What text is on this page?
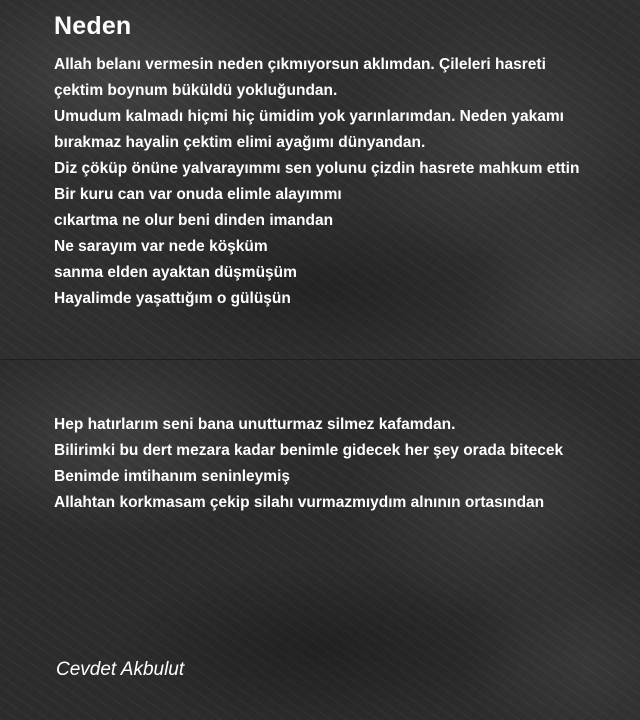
Neden
Allah belanı vermesin neden çıkmıyorsun aklımdan. Çileleri hasreti
çektim boynum büküldü yokluğundan.
Umudum kalmadı hiçmi hiç ümidim yok yarınlarımdan. Neden yakamı
bırakmaz hayalin çektim elimi ayağımı dünyandan.
Diz çöküp önüne yalvarayımmı sen yolunu çizdin hasrete mahkum ettin
Bir kuru can var onuda elimle alayımmı
cıkartma ne olur beni dinden imandan
Ne sarayım var nede köşküm
sanma elden ayaktan düşmüşüm
Hayalimde yaşattığım o gülüşün
Hep hatırlarım seni bana unutturmaz silmez kafamdan.
Bilirimki bu dert mezara kadar benimle gidecek her şey orada bitecek
Benimde imtihanım seninleymiş
Allahtan korkmasam çekip silahı vurmazmıydım alnının ortasından

Cevdet Akbulut
